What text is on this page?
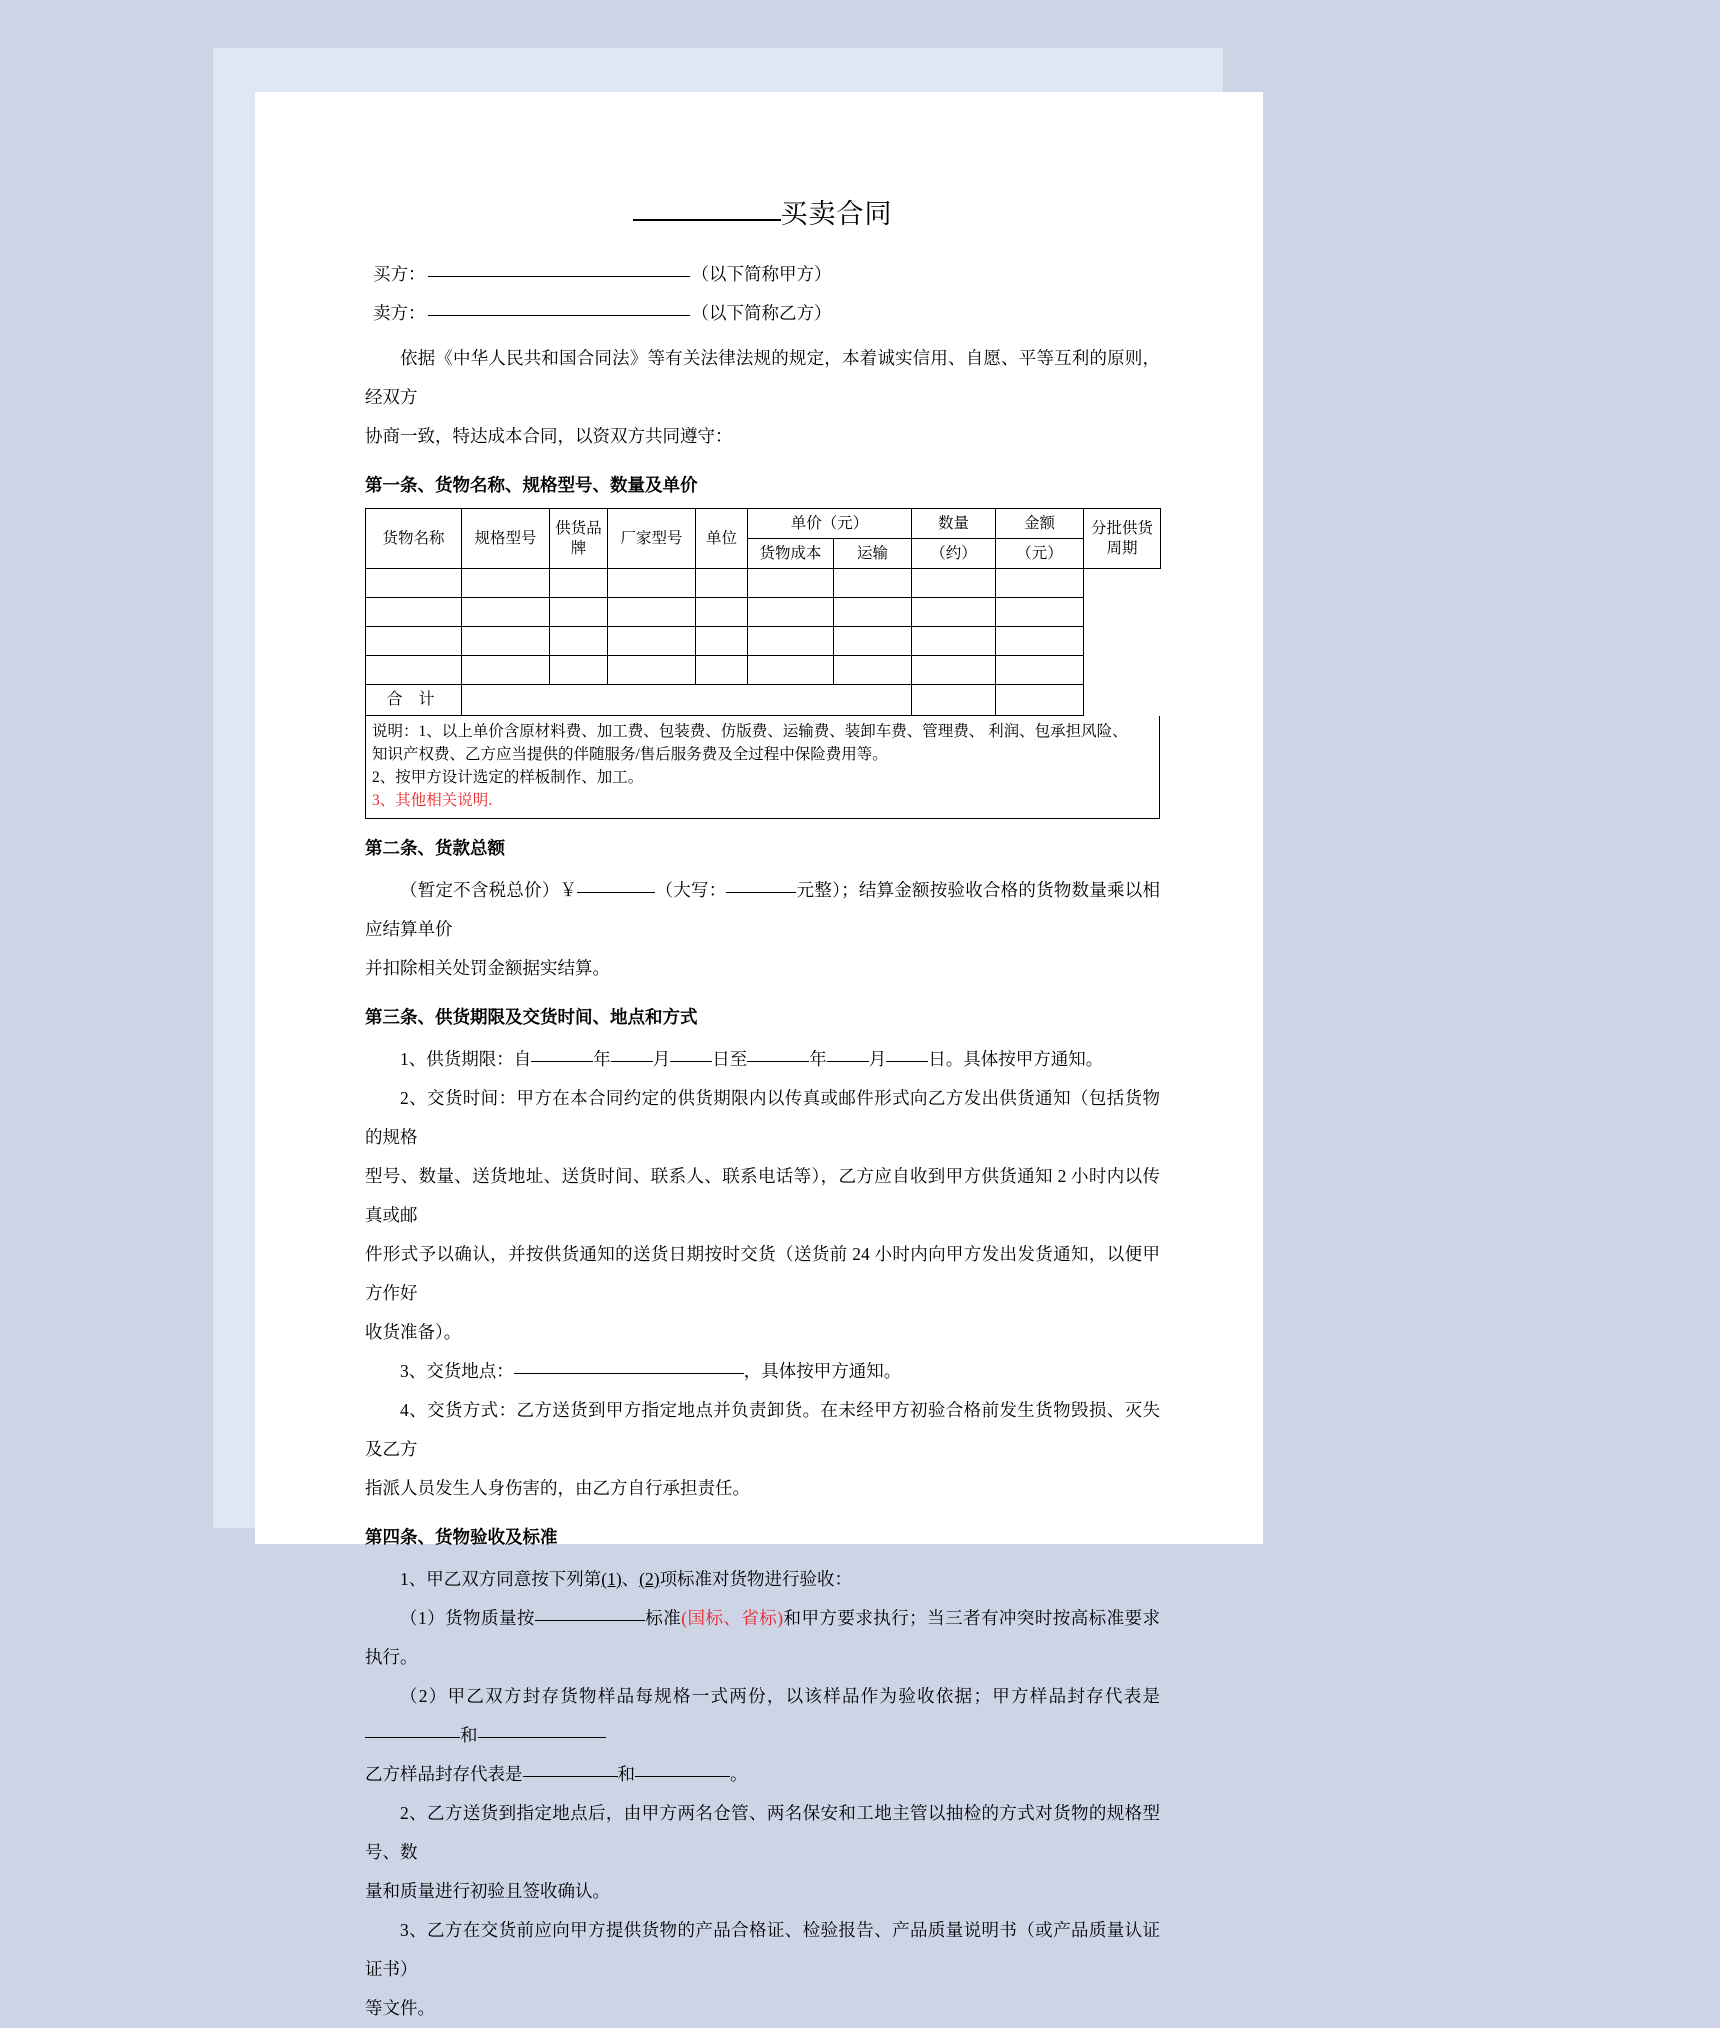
买卖合同
买方：	（以下简称甲方）
卖方：	（以下简称乙方）

依据《中华人民共和国合同法》等有关法律法规的规定，本着诚实信用、自愿、平等互利的原则，经双方

协商一致，特达成本合同，以资双方共同遵守：

第一条、货物名称、规格型号、数量及单价
货物名称	规格型号	供货品牌	厂家型号	单位	单价（元）		数量	金额	分批供货周期
					货物成本	运输	（约）	（元）	

合 计									
说明：1、以上单价含原材料费、加工费、包装费、仿版费、运输费、装卸车费、管理费、 利润、包承担风险、
知识产权费、乙方应当提供的伴随服务/售后服务费及全过程中保险费用等。
2、按甲方设计选定的样板制作、加工。
3、其他相关说明.
第二条、货款总额

（暂定不含税总价）￥	（大写：	元整）；结算金额按验收合格的货物数量乘以相应结算单价

并扣除相关处罚金额据实结算。

第三条、供货期限及交货时间、地点和方式

1、供货期限：自	年 月 日至	年 月 日。具体按甲方通知。

2、交货时间：甲方在本合同约定的供货期限内以传真或邮件形式向乙方发出供货通知（包括货物的规格

型号、数量、送货地址、送货时间、联系人、联系电话等），乙方应自收到甲方供货通知 2 小时内以传真或邮

件形式予以确认，并按供货通知的送货日期按时交货（送货前 24 小时内向甲方发出发货通知，以便甲方作好

收货准备）。

3、交货地点：	，具体按甲方通知。

4、交货方式：乙方送货到甲方指定地点并负责卸货。在未经甲方初验合格前发生货物毁损、灭失及乙方

指派人员发生人身伤害的，由乙方自行承担责任。

第四条、货物验收及标准

1、甲乙双方同意按下列第(1)、(2)项标准对货物进行验收：

（1）货物质量按	标准(国标、省标)和甲方要求执行；当三者有冲突时按高标准要求执行。

（2）甲乙双方封存货物样品每规格一式两份，以该样品作为验收依据；甲方样品封存代表是和

乙方样品封存代表是	和	。

2、乙方送货到指定地点后，由甲方两名仓管、两名保安和工地主管以抽检的方式对货物的规格型号、数

量和质量进行初验且签收确认。

3、乙方在交货前应向甲方提供货物的产品合格证、检验报告、产品质量说明书（或产品质量认证证书）

等文件。
